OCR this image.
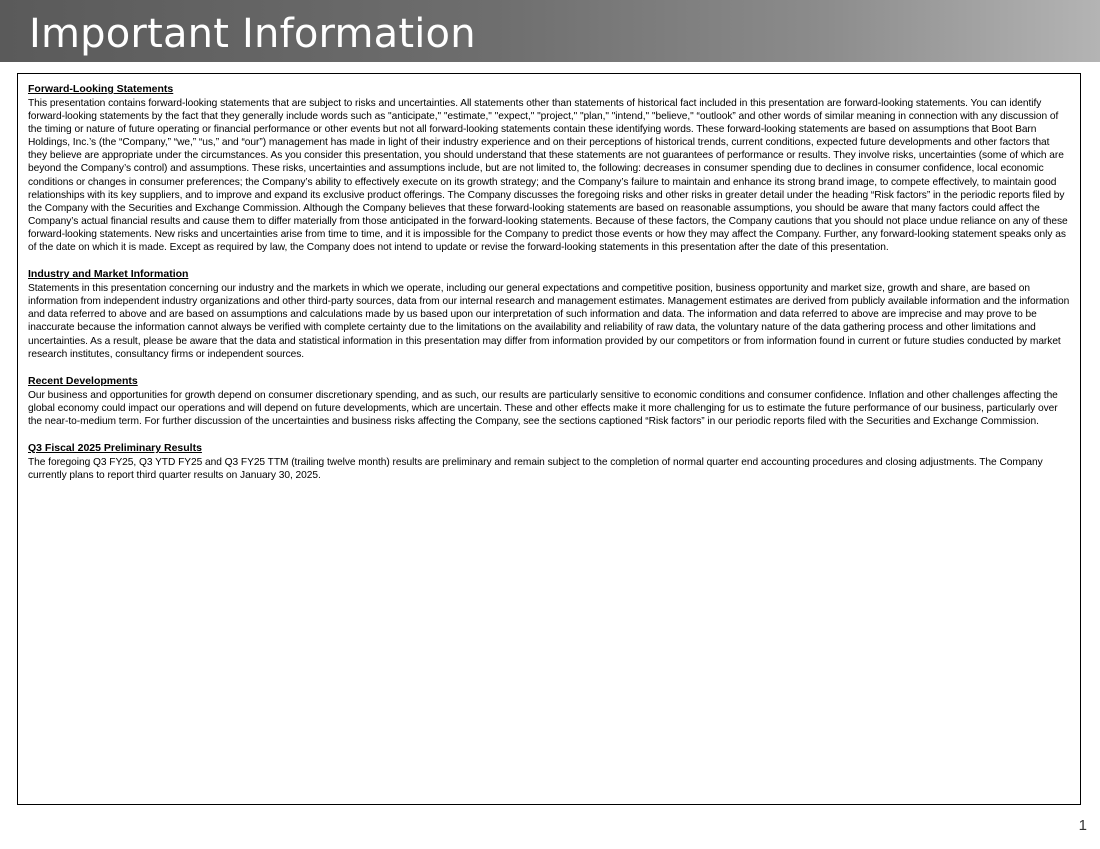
Important Information
Forward-Looking Statements

This presentation contains forward-looking statements that are subject to risks and uncertainties. All statements other than statements of historical fact included in this presentation are forward-looking statements. You can identify forward-looking statements by the fact that they generally include words such as "anticipate," "estimate," "expect," "project," "plan," "intend," "believe," “outlook” and other words of similar meaning in connection with any discussion of the timing or nature of future operating or financial performance or other events but not all forward-looking statements contain these identifying words. These forward-looking statements are based on assumptions that Boot Barn Holdings, Inc.’s (the “Company,” “we,” “us,” and “our”) management has made in light of their industry experience and on their perceptions of historical trends, current conditions, expected future developments and other factors that they believe are appropriate under the circumstances. As you consider this presentation, you should understand that these statements are not guarantees of performance or results. They involve risks, uncertainties (some of which are beyond the Company’s control) and assumptions. These risks, uncertainties and assumptions include, but are not limited to, the following: decreases in consumer spending due to declines in consumer confidence, local economic conditions or changes in consumer preferences; the Company’s ability to effectively execute on its growth strategy; and the Company’s failure to maintain and enhance its strong brand image, to compete effectively, to maintain good relationships with its key suppliers, and to improve and expand its exclusive product offerings. The Company discusses the foregoing risks and other risks in greater detail under the heading “Risk factors” in the periodic reports filed by the Company with the Securities and Exchange Commission. Although the Company believes that these forward-looking statements are based on reasonable assumptions, you should be aware that many factors could affect the Company’s actual financial results and cause them to differ materially from those anticipated in the forward-looking statements. Because of these factors, the Company cautions that you should not place undue reliance on any of these forward-looking statements. New risks and uncertainties arise from time to time, and it is impossible for the Company to predict those events or how they may affect the Company. Further, any forward-looking statement speaks only as of the date on which it is made. Except as required by law, the Company does not intend to update or revise the forward-looking statements in this presentation after the date of this presentation.

Industry and Market Information

Statements in this presentation concerning our industry and the markets in which we operate, including our general expectations and competitive position, business opportunity and market size, growth and share, are based on information from independent industry organizations and other third-party sources, data from our internal research and management estimates. Management estimates are derived from publicly available information and the information and data referred to above and are based on assumptions and calculations made by us based upon our interpretation of such information and data. The information and data referred to above are imprecise and may prove to be inaccurate because the information cannot always be verified with complete certainty due to the limitations on the availability and reliability of raw data, the voluntary nature of the data gathering process and other limitations and uncertainties. As a result, please be aware that the data and statistical information in this presentation may differ from information provided by our competitors or from information found in current or future studies conducted by market research institutes, consultancy firms or independent sources.

Recent Developments

Our business and opportunities for growth depend on consumer discretionary spending, and as such, our results are particularly sensitive to economic conditions and consumer confidence. Inflation and other challenges affecting the global economy could impact our operations and will depend on future developments, which are uncertain. These and other effects make it more challenging for us to estimate the future performance of our business, particularly over the near-to-medium term. For further discussion of the uncertainties and business risks affecting the Company, see the sections captioned “Risk factors” in our periodic reports filed with the Securities and Exchange Commission.

Q3 Fiscal 2025 Preliminary Results

The foregoing Q3 FY25, Q3 YTD FY25 and Q3 FY25 TTM (trailing twelve month) results are preliminary and remain subject to the completion of normal quarter end accounting procedures and closing adjustments. The Company currently plans to report third quarter results on January 30, 2025.

1
